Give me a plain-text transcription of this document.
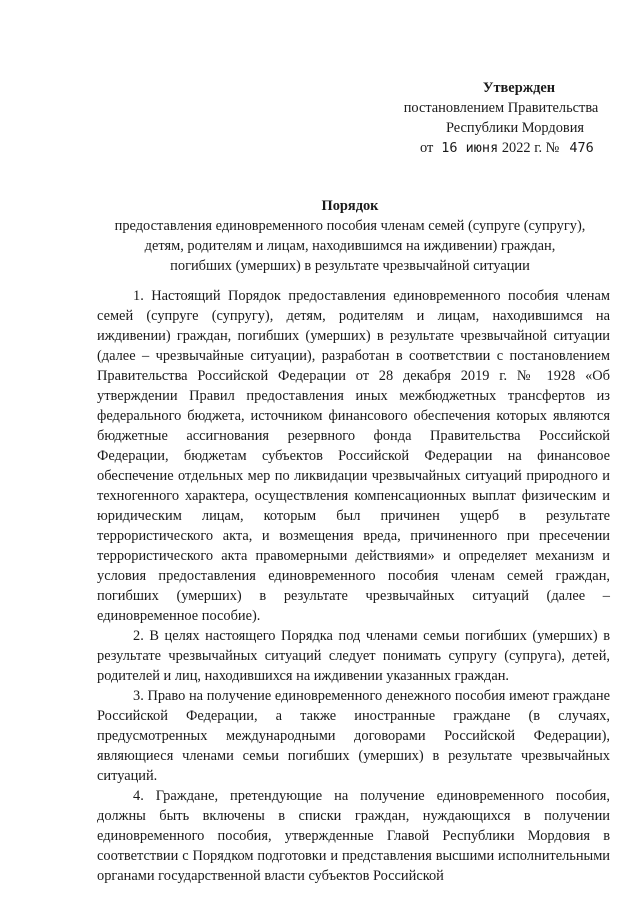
Утвержден
постановлением Правительства
Республики Мордовия
от 16 июня 2022 г. № 476
Порядок
предоставления единовременного пособия членам семей (супруге (супругу),
детям, родителям и лицам, находившимся на иждивении) граждан,
погибших (умерших) в результате чрезвычайной ситуации

1. Настоящий Порядок предоставления единовременного пособия членам семей (супруге (супругу), детям, родителям и лицам, находившимся на иждивении) граждан, погибших (умерших) в результате чрезвычайной ситуации (далее – чрезвычайные ситуации), разработан в соответствии с постановлением Правительства Российской Федерации от 28 декабря 2019 г. № 1928 «Об утверждении Правил предоставления иных межбюджетных трансфертов из федерального бюджета, источником финансового обеспечения которых являются бюджетные ассигнования резервного фонда Правительства Российской Федерации, бюджетам субъектов Российской Федерации на финансовое обеспечение отдельных мер по ликвидации чрезвычайных ситуаций природного и техногенного характера, осуществления компенсационных выплат физическим и юридическим лицам, которым был причинен ущерб в результате террористического акта, и возмещения вреда, причиненного при пресечении террористического акта правомерными действиями» и определяет механизм и условия предоставления единовременного пособия членам семей граждан, погибших (умерших) в результате чрезвычайных ситуаций (далее – единовременное пособие).

2. В целях настоящего Порядка под членами семьи погибших (умерших) в результате чрезвычайных ситуаций следует понимать супругу (супруга), детей, родителей и лиц, находившихся на иждивении указанных граждан.

3. Право на получение единовременного денежного пособия имеют граждане Российской Федерации, а также иностранные граждане (в случаях, предусмотренных международными договорами Российской Федерации), являющиеся членами семьи погибших (умерших) в результате чрезвычайных ситуаций.

4. Граждане, претендующие на получение единовременного пособия, должны быть включены в списки граждан, нуждающихся в получении единовременного пособия, утвержденные Главой Республики Мордовия в соответствии с Порядком подготовки и представления высшими исполнительными органами государственной власти субъектов Российской
